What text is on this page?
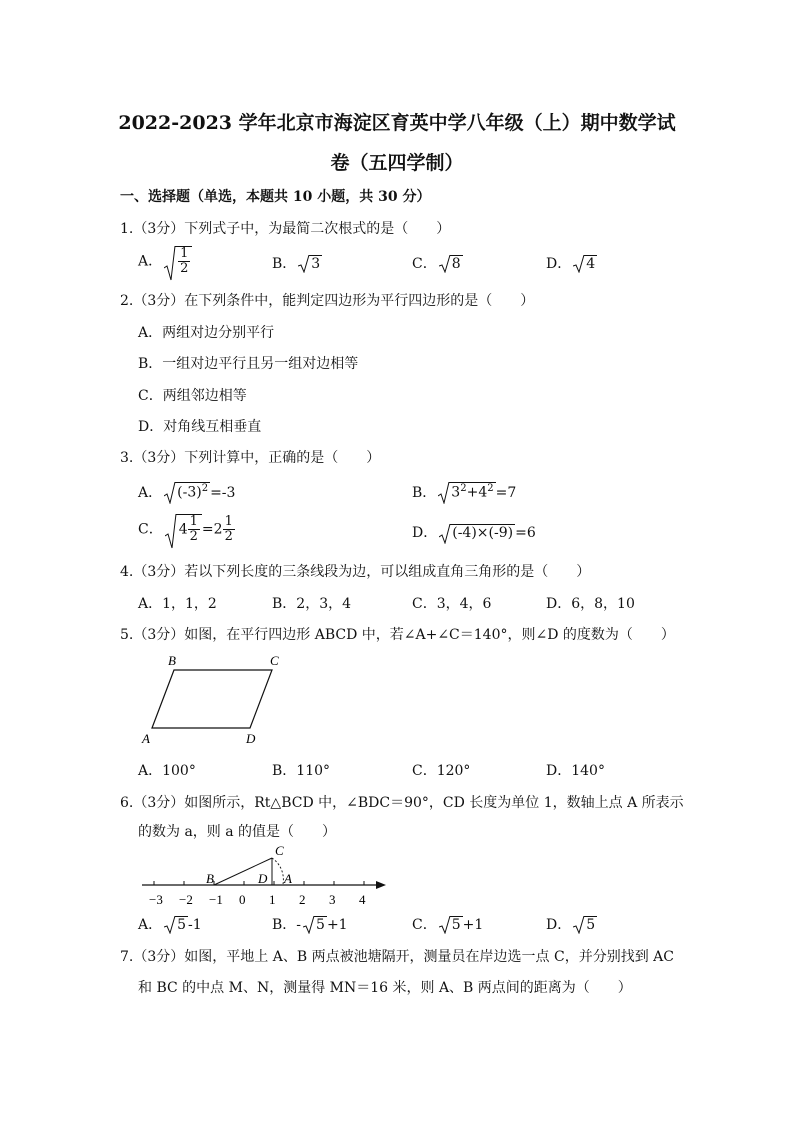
2022-2023 学年北京市海淀区育英中学八年级（上）期中数学试
卷（五四学制）
一、选择题（单选，本题共 10 小题，共 30 分）
1.（3分）下列式子中，为最简二次根式的是（　　）
A． $\frac{1}{2}$	B． 3	C． 8	D． 4
2.（3分）在下列条件中，能判定四边形为平行四边形的是（　　）
A．两组对边分别平行
B．一组对边平行且另一组对边相等
C．两组邻边相等
D．对角线互相垂直
3.（3分）下列计算中，正确的是（　　）
A． $(-3)^2 =-3$	B． $3^2+4^2 =7$
C． $4 \frac{1}{2} =2 \frac{1}{2}$	D． (-4)×(-9) =6
4.（3分）若以下列长度的三条线段为边，可以组成直角三角形的是（　　）
A．1，1，2	B．2，3，4	C．3，4，6	D．6，8，10
5.（3分）如图，在平行四边形 ABCD 中，若∠A+∠C＝140°，则∠D 的度数为（　　）
B	C
A	D
A．100°	B．110°	C．120°	D．140°
6.（3分）如图所示，Rt△BCD 中，∠BDC＝90°，CD 长度为单位 1，数轴上点 A 所表示
的数为 a，则 a 的值是（　　）
−3 −2 −1 0 1 2 3 4
B
C
D A
A． 5 -1	B．- 5 +1	C． 5 +1	D． 5
7.（3分）如图，平地上 A、B 两点被池塘隔开，测量员在岸边选一点 C，并分别找到 AC
和 BC 的中点 M、N，测量得 MN＝16 米，则 A、B 两点间的距离为（　　）
